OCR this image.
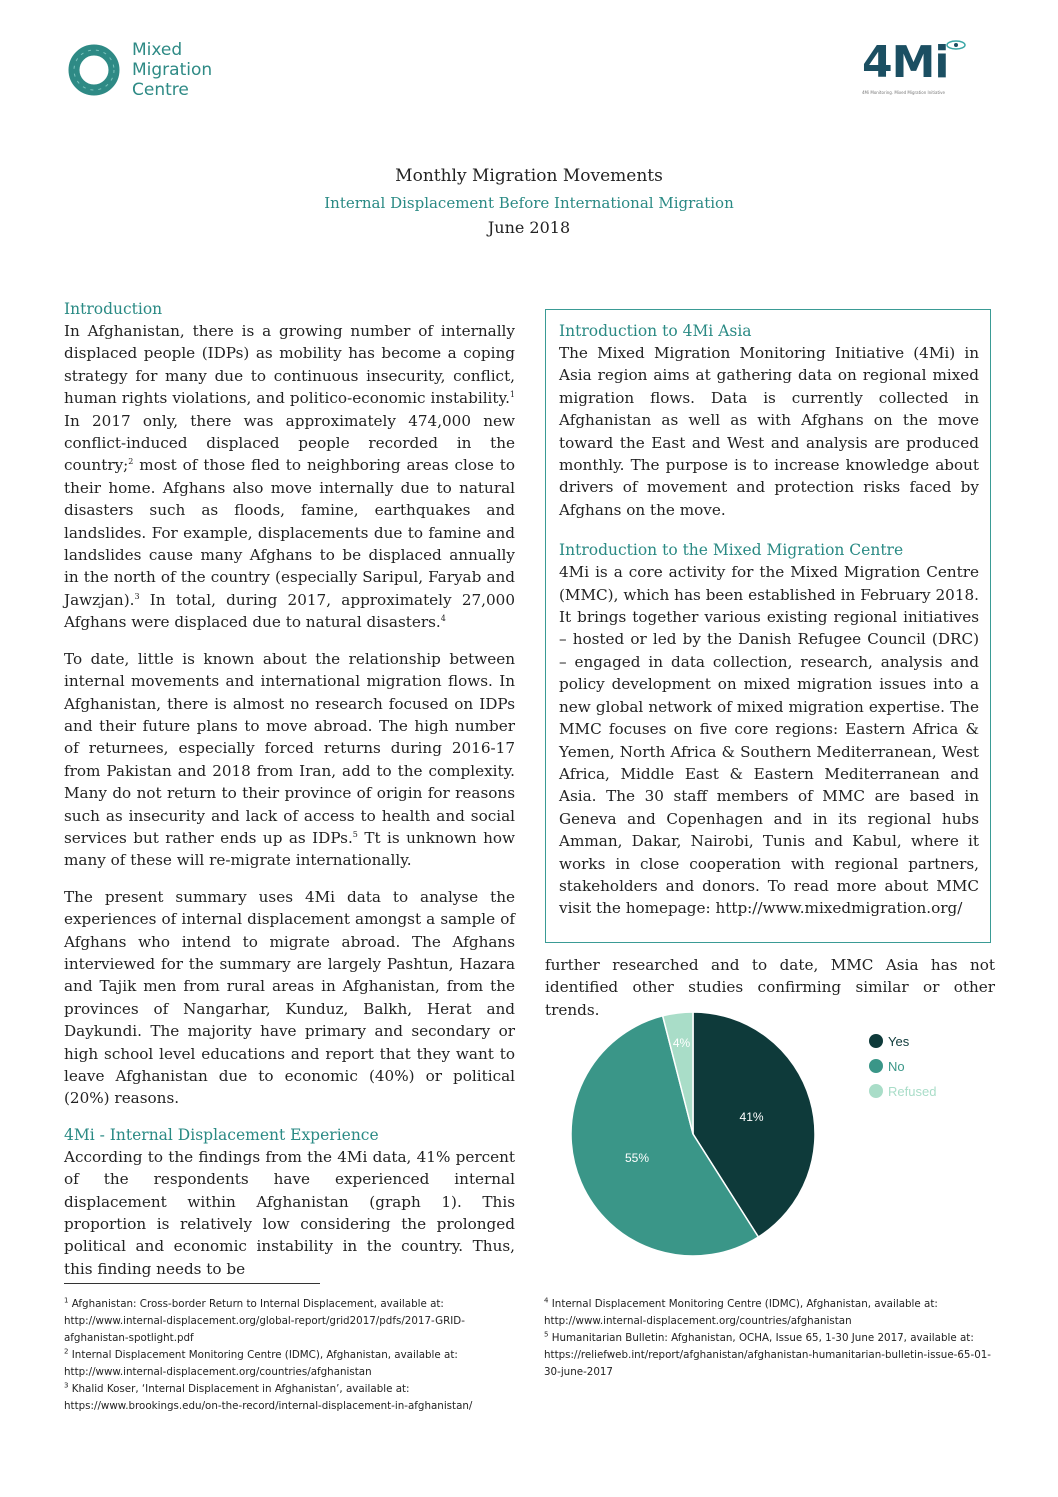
Mixed
Migration
Centre
4Mi
4Mi Monitoring. Mixed Migration Initiative
Monthly Migration Movements
Internal Displacement Before International Migration
June 2018
Introduction

In Afghanistan, there is a growing number of internally displaced people (IDPs) as mobility has become a coping strategy for many due to continuous insecurity, conflict, human rights violations, and politico-economic instability.$^1$ In 2017 only, there was approximately 474,000 new conflict-induced displaced people recorded in the country;$^2$ most of those fled to neighboring areas close to their home. Afghans also move internally due to natural disasters such as floods, famine, earthquakes and landslides. For example, displacements due to famine and landslides cause many Afghans to be displaced annually in the north of the country (especially Saripul, Faryab and Jawzjan).$^3$ In total, during 2017, approximately 27,000 Afghans were displaced due to natural disasters.$^4$

To date, little is known about the relationship between internal movements and international migration flows. In Afghanistan, there is almost no research focused on IDPs and their future plans to move abroad. The high number of returnees, especially forced returns during 2016-17 from Pakistan and 2018 from Iran, add to the complexity. Many do not return to their province of origin for reasons such as insecurity and lack of access to health and social services but rather ends up as IDPs.$^5$ Tt is unknown how many of these will re-migrate internationally.

The present summary uses 4Mi data to analyse the experiences of internal displacement amongst a sample of Afghans who intend to migrate abroad. The Afghans interviewed for the summary are largely Pashtun, Hazara and Tajik men from rural areas in Afghanistan, from the provinces of Nangarhar, Kunduz, Balkh, Herat and Daykundi. The majority have primary and secondary or high school level educations and report that they want to leave Afghanistan due to economic (40%) or political (20%) reasons.

4Mi - Internal Displacement Experience

According to the findings from the 4Mi data, 41% percent of the respondents have experienced internal displacement within Afghanistan (graph 1). This proportion is relatively low considering the prolonged political and economic instability in the country. Thus, this finding needs to be

Introduction to 4Mi Asia

The Mixed Migration Monitoring Initiative (4Mi) in Asia region aims at gathering data on regional mixed migration flows. Data is currently collected in Afghanistan as well as with Afghans on the move toward the East and West and analysis are produced monthly. The purpose is to increase knowledge about drivers of movement and protection risks faced by Afghans on the move.

Introduction to the Mixed Migration Centre

4Mi is a core activity for the Mixed Migration Centre (MMC), which has been established in February 2018. It brings together various existing regional initiatives – hosted or led by the Danish Refugee Council (DRC) – engaged in data collection, research, analysis and policy development on mixed migration issues into a new global network of mixed migration expertise. The MMC focuses on five core regions: Eastern Africa & Yemen, North Africa & Southern Mediterranean, West Africa, Middle East & Eastern Mediterranean and Asia. The 30 staff members of MMC are based in Geneva and Copenhagen and in its regional hubs Amman, Dakar, Nairobi, Tunis and Kabul, where it works in close cooperation with regional partners, stakeholders and donors. To read more about MMC visit the homepage: http://www.mixedmigration.org/

further researched and to date, MMC Asia has not identified other studies confirming similar or other trends.

41%
55%
4%	Yes
No
Refused
$^1$ Afghanistan: Cross-border Return to Internal Displacement, available at: http://www.internal-displacement.org/global-report/grid2017/pdfs/2017-GRID-afghanistan-spotlight.pdf
$^2$ Internal Displacement Monitoring Centre (IDMC), Afghanistan, available at: http://www.internal-displacement.org/countries/afghanistan
$^3$ Khalid Koser, ‘Internal Displacement in Afghanistan’, available at: https://www.brookings.edu/on-the-record/internal-displacement-in-afghanistan/
$^4$ Internal Displacement Monitoring Centre (IDMC), Afghanistan, available at: http://www.internal-displacement.org/countries/afghanistan
$^5$ Humanitarian Bulletin: Afghanistan, OCHA, Issue 65, 1-30 June 2017, available at: https://reliefweb.int/report/afghanistan/afghanistan-humanitarian-bulletin-issue-65-01-30-june-2017
